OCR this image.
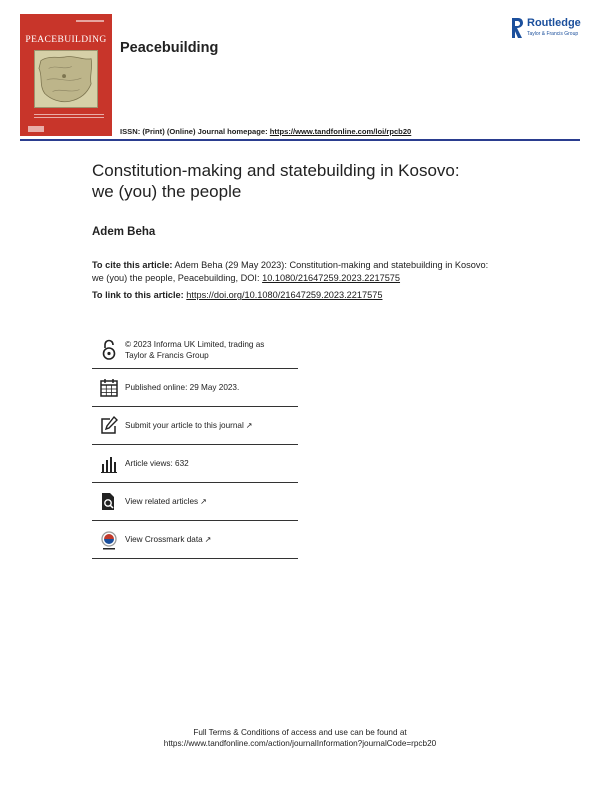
PEACEBUILDING Peacebuilding
ISSN: (Print) (Online) Journal homepage: https://www.tandfonline.com/loi/rpcb20
Routledge
Taylor & Francis Group
Constitution-making and statebuilding in Kosovo:
we (you) the people
Adem Beha
To cite this article: Adem Beha (29 May 2023): Constitution-making and statebuilding in Kosovo: we (you) the people, Peacebuilding, DOI: 10.1080/21647259.2023.2217575
To link to this article: https://doi.org/10.1080/21647259.2023.2217575
© 2023 Informa UK Limited, trading as
Taylor & Francis Group
Published online: 29 May 2023.
Submit your article to this journal ↗
Article views: 632
View related articles ↗
View Crossmark data ↗
Full Terms & Conditions of access and use can be found at
https://www.tandfonline.com/action/journalInformation?journalCode=rpcb20
